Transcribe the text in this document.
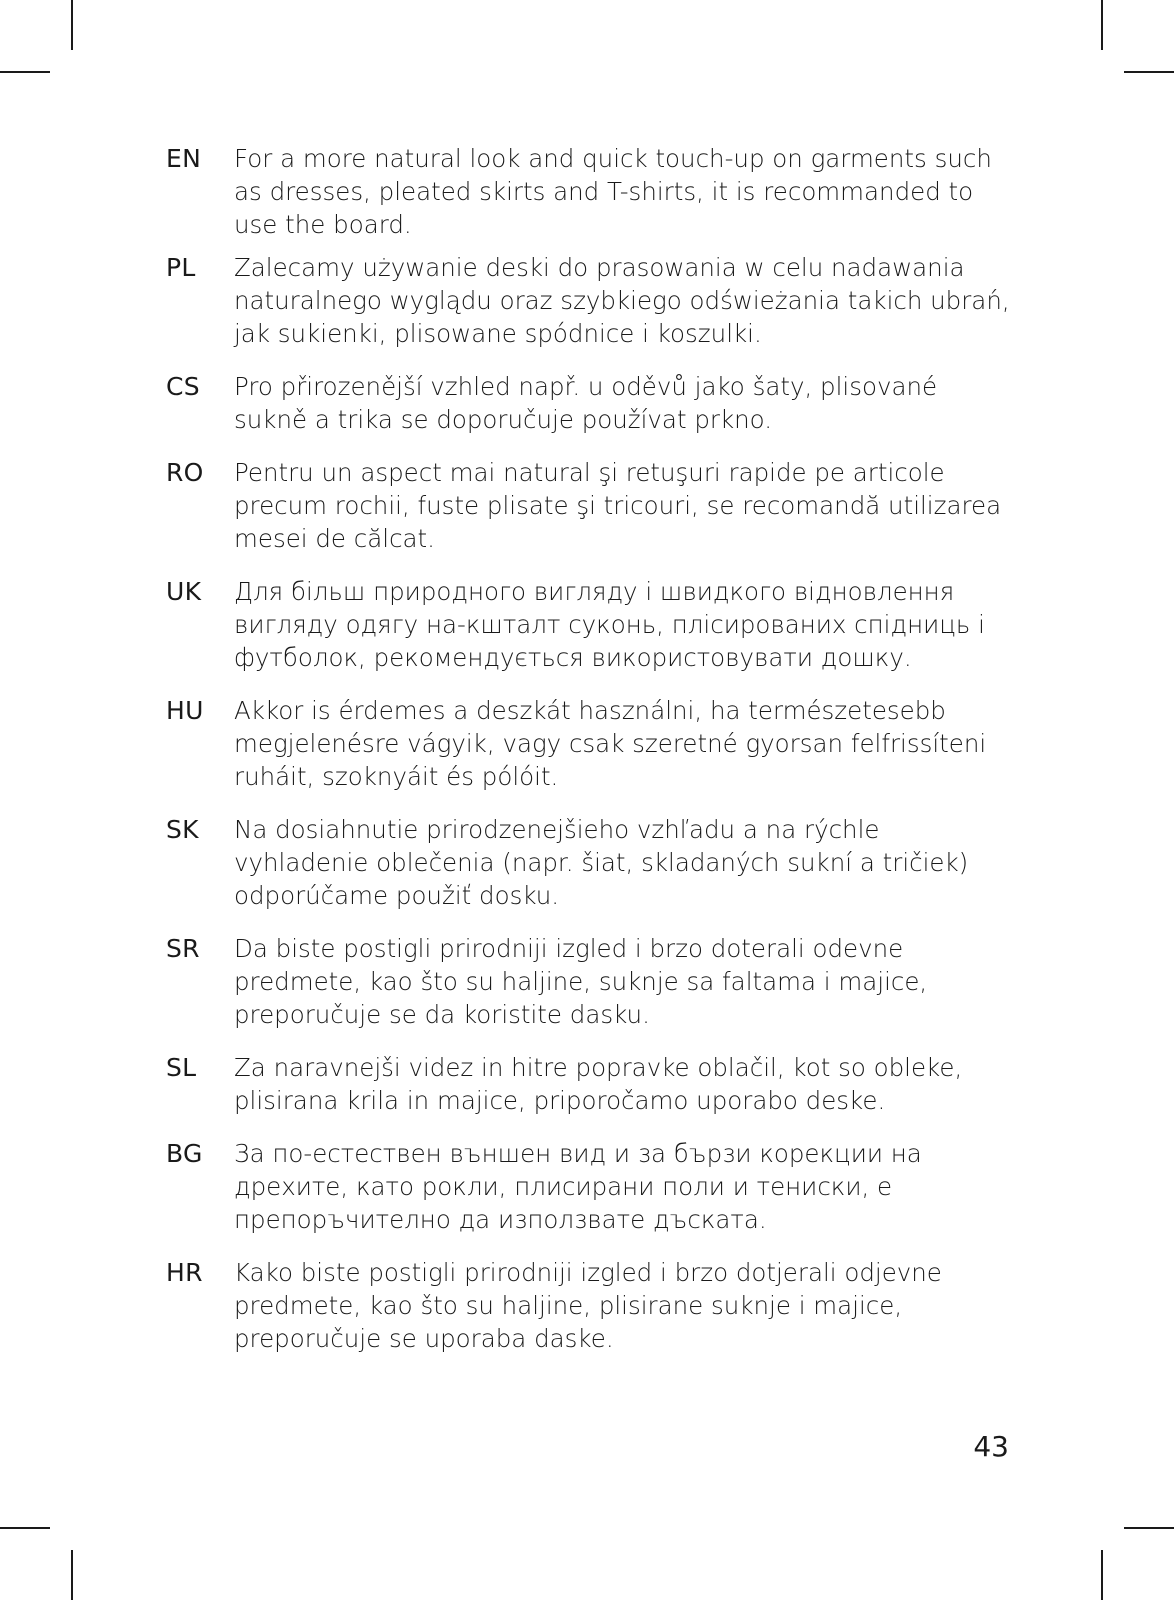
EN	For a more natural look and quick touch-up on garments such as dresses, pleated skirts and T-shirts, it is recommanded to use the board.
PL	Zalecamy używanie deski do prasowania w celu nadawania naturalnego wyglądu oraz szybkiego odświeżania takich ubrań, jak sukienki, plisowane spódnice i koszulki.
CS	Pro přirozenější vzhled např. u oděvů jako šaty, plisované sukně a trika se doporučuje používat prkno.
RO	Pentru un aspect mai natural şi retuşuri rapide pe articole precum rochii, fuste plisate şi tricouri, se recomandă utilizarea mesei de călcat.
UK	Для більш природного вигляду і швидкого відновлення вигляду одягу на-кшталт суконь, плісированих спідниць і футболок, рекомендується використовувати дошку.
HU	Akkor is érdemes a deszkát használni, ha természetesebb megjelenésre vágyik, vagy csak szeretné gyorsan felfrissíteni ruháit, szoknyáit és pólóit.
SK	Na dosiahnutie prirodzenejšieho vzhľadu a na rýchle vyhladenie oblečenia (napr. šiat, skladaných sukní a tričiek) odporúčame použiť dosku.
SR	Da biste postigli prirodniji izgled i brzo doterali odevne predmete, kao što su haljine, suknje sa faltama i majice, preporučuje se da koristite dasku.
SL	Za naravnejši videz in hitre popravke oblačil, kot so obleke, plisirana krila in majice, priporočamo uporabo deske.
BG	За по-естествен външен вид и за бързи корекции на дрехите, като рокли, плисирани поли и тениски, е препоръчително да използвате дъската.
HR	Kako biste postigli prirodniji izgled i brzo dotjerali odjevne predmete, kao što su haljine, plisirane suknje i majice, preporučuje se uporaba daske.
43
